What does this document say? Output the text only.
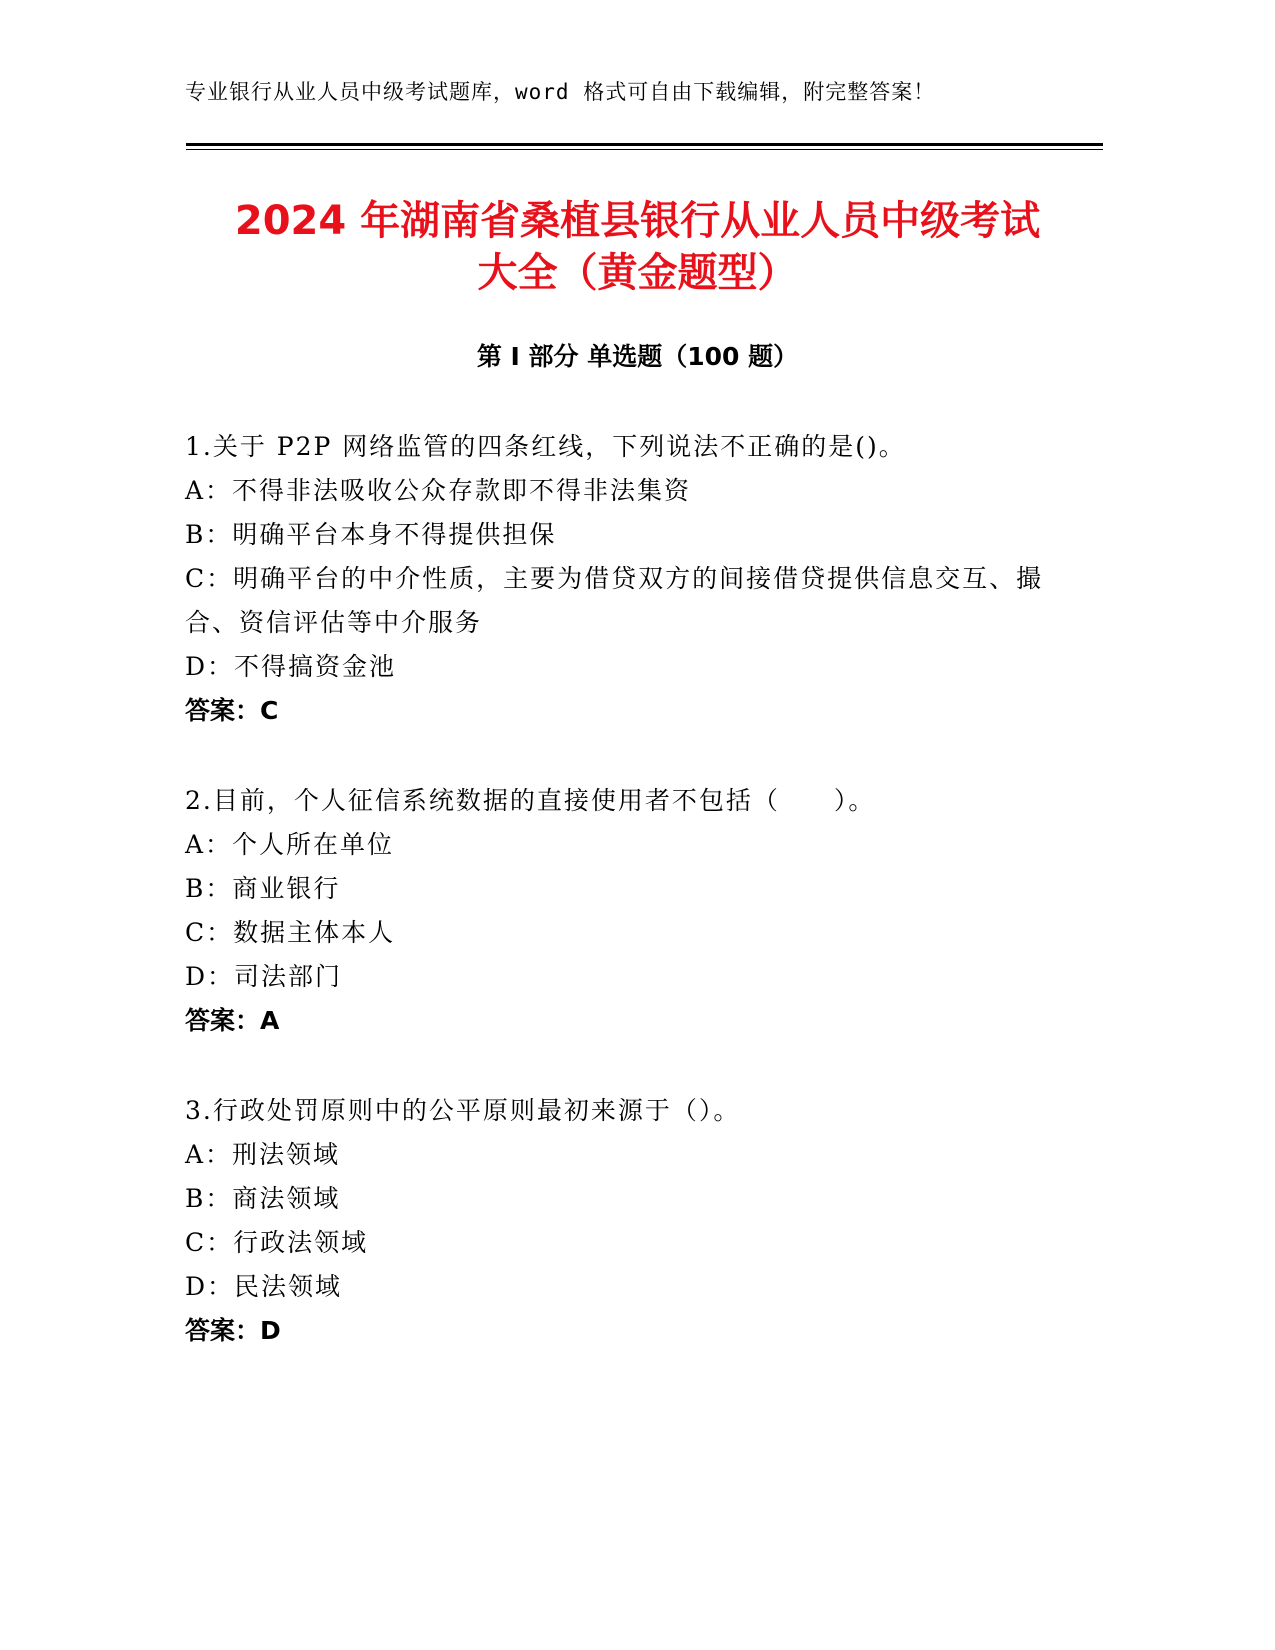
专业银行从业人员中级考试题库，word 格式可自由下载编辑，附完整答案！
2024 年湖南省桑植县银行从业人员中级考试
大全（黄金题型）
第 I 部分 单选题（100 题）
1.关于 P2P 网络监管的四条红线，下列说法不正确的是()。
A：不得非法吸收公众存款即不得非法集资
B：明确平台本身不得提供担保
C：明确平台的中介性质，主要为借贷双方的间接借贷提供信息交互、撮合、资信评估等中介服务
D：不得搞资金池
答案：C
2.目前，个人征信系统数据的直接使用者不包括（　　）。
A：个人所在单位
B：商业银行
C：数据主体本人
D：司法部门
答案：A
3.行政处罚原则中的公平原则最初来源于（）。
A：刑法领域
B：商法领域
C：行政法领域
D：民法领域
答案：D
